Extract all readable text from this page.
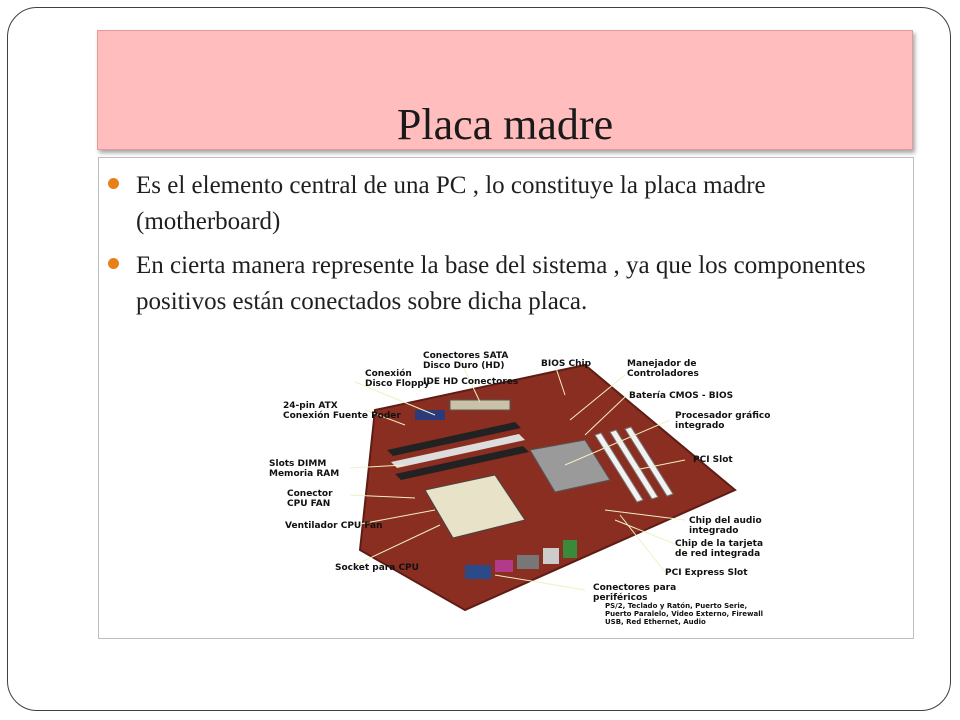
Placa madre
Es el elemento central de una PC , lo constituye la placa madre (motherboard)
En cierta manera represente la base del sistema , ya que los componentes positivos están conectados sobre dicha placa.
Conexión Disco Floppy
24-pin ATX Conexión Fuente Poder
Slots DIMM Memoria RAM
Conector CPU FAN
Ventilador CPU Fan
Socket para CPU
Conectores SATA Disco Duro (HD)
IDE HD Conectores
BIOS Chip	Manejador de Controladores
Batería CMOS - BIOS
Procesador gráfico integrado
PCI Slot
Chip del audio integrado
Chip de la tarjeta de red integrada
PCI Express Slot
Conectores para periféricos
PS/2, Teclado y Ratón, Puerto Serie, Puerto Paralelo, Video Externo, Firewall USB, Red Ethernet, Audio
